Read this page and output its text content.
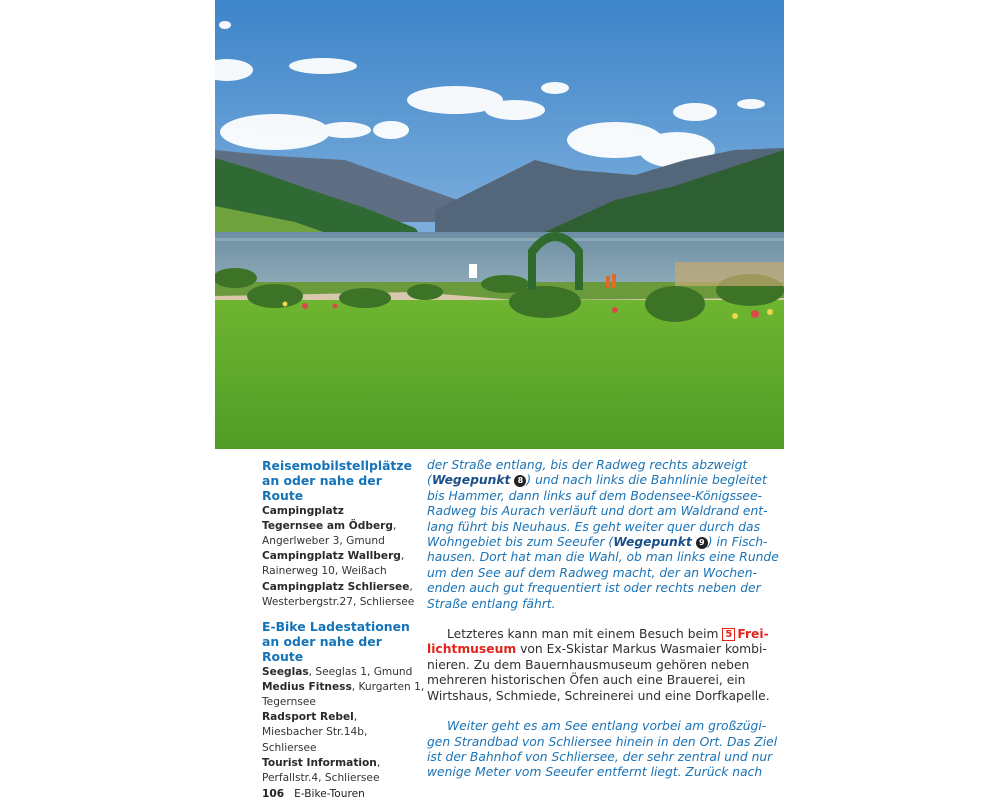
Reisemobilstellplätze
an oder nahe der Route
Campingplatz
Tegernsee am Ödberg,
Angerlweber 3, Gmund
Campingplatz Wallberg,
Rainerweg 10, Weißach
Campingplatz Schliersee,
Westerbergstr.27, Schliersee
E-Bike Ladestationen
an oder nahe der Route
Seeglas, Seeglas 1, Gmund
Medius Fitness, Kurgarten 1,
Tegernsee
Radsport Rebel,
Miesbacher Str.14b,
Schliersee
Tourist Information,
Perfallstr.4, Schliersee

der Straße entlang, bis der Radweg rechts abzweigt

(Wegepunkt 8 ) und nach links die Bahnlinie begleitet

bis Hammer, dann links auf dem Bodensee-Königssee-

Radweg bis Aurach verläuft und dort am Waldrand ent-

lang führt bis Neuhaus. Es geht weiter quer durch das

Wohngebiet bis zum Seeufer (Wegepunkt 9 ) in Fisch-

hausen. Dort hat man die Wahl, ob man links eine Runde

um den See auf dem Radweg macht, der an Wochen-

enden auch gut frequentiert ist oder rechts neben der

Straße entlang fährt.

Letzteres kann man mit einem Besuch beim 5 Frei-

lichtmuseum von Ex-Skistar Markus Wasmaier kombi-

nieren. Zu dem Bauernhausmuseum gehören neben

mehreren historischen Öfen auch eine Brauerei, ein

Wirtshaus, Schmiede, Schreinerei und eine Dorfkapelle.

Weiter geht es am See entlang vorbei am großzügi-

gen Strandbad von Schliersee hinein in den Ort. Das Ziel

ist der Bahnhof von Schliersee, der sehr zentral und nur

wenige Meter vom Seeufer entfernt liegt. Zurück nach

106 E-Bike-Touren
